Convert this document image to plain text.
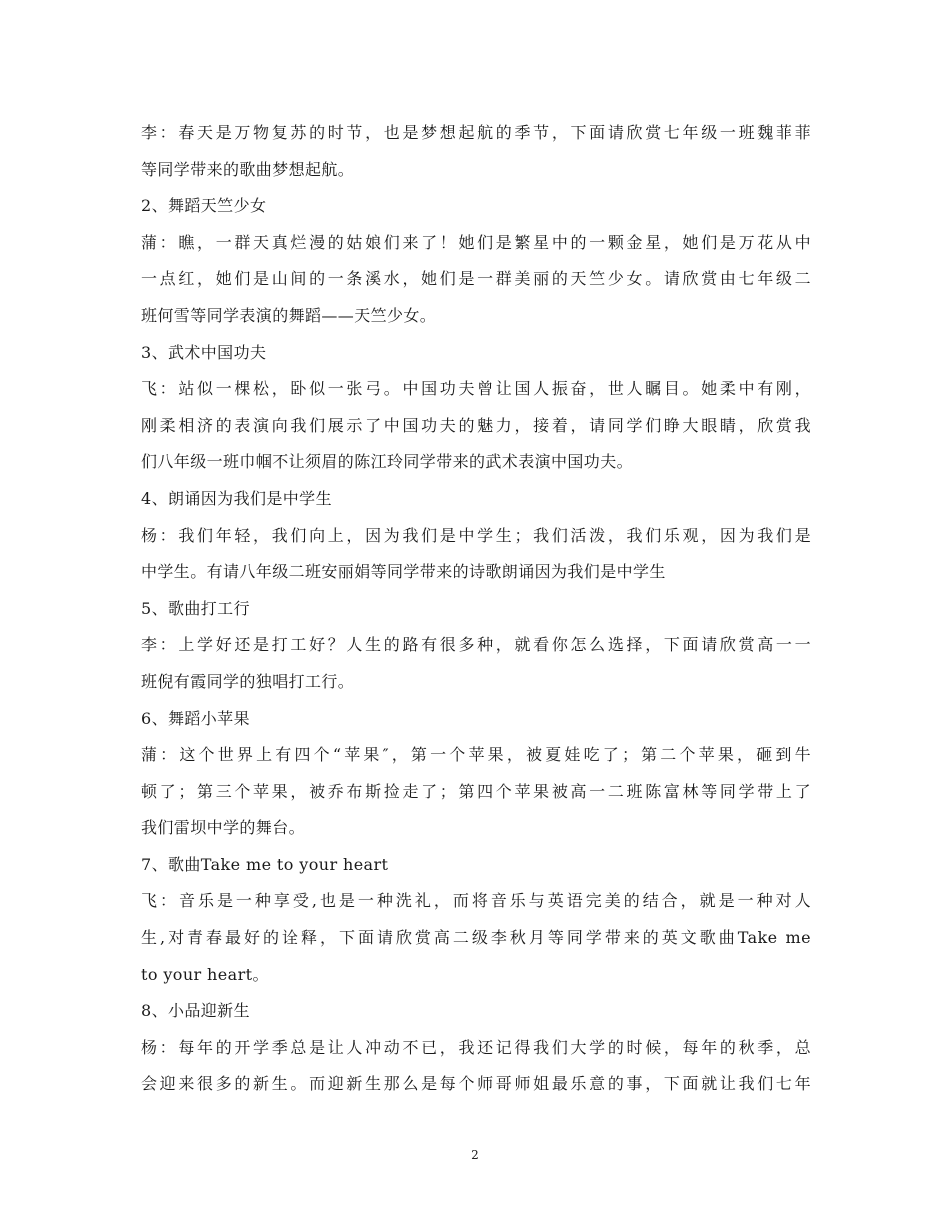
李：春天是万物复苏的时节，也是梦想起航的季节，下面请欣赏七年级一班魏菲菲
等同学带来的歌曲梦想起航。
2、舞蹈天竺少女
蒲：瞧，一群天真烂漫的姑娘们来了！她们是繁星中的一颗金星，她们是万花从中
一点红，她们是山间的一条溪水，她们是一群美丽的天竺少女。请欣赏由七年级二
班何雪等同学表演的舞蹈——天竺少女。
3、武术中国功夫
飞：站似一棵松，卧似一张弓。中国功夫曾让国人振奋，世人瞩目。她柔中有刚，
刚柔相济的表演向我们展示了中国功夫的魅力，接着，请同学们睁大眼睛，欣赏我
们八年级一班巾帼不让须眉的陈江玲同学带来的武术表演中国功夫。
4、朗诵因为我们是中学生
杨：我们年轻，我们向上，因为我们是中学生；我们活泼，我们乐观，因为我们是
中学生。有请八年级二班安丽娟等同学带来的诗歌朗诵因为我们是中学生
5、歌曲打工行
李：上学好还是打工好？人生的路有很多种，就看你怎么选择，下面请欣赏高一一
班倪有霞同学的独唱打工行。
6、舞蹈小苹果
蒲：这个世界上有四个“苹果″，第一个苹果，被夏娃吃了；第二个苹果，砸到牛
顿了；第三个苹果，被乔布斯捡走了；第四个苹果被高一二班陈富林等同学带上了
我们雷坝中学的舞台。
7、歌曲Take me to your heart
飞：音乐是一种享受,也是一种洗礼，而将音乐与英语完美的结合，就是一种对人
生,对青春最好的诠释，下面请欣赏高二级李秋月等同学带来的英文歌曲Take me
to your heart。
8、小品迎新生
杨：每年的开学季总是让人冲动不已，我还记得我们大学的时候，每年的秋季，总
会迎来很多的新生。而迎新生那么是每个师哥师姐最乐意的事，下面就让我们七年
2
